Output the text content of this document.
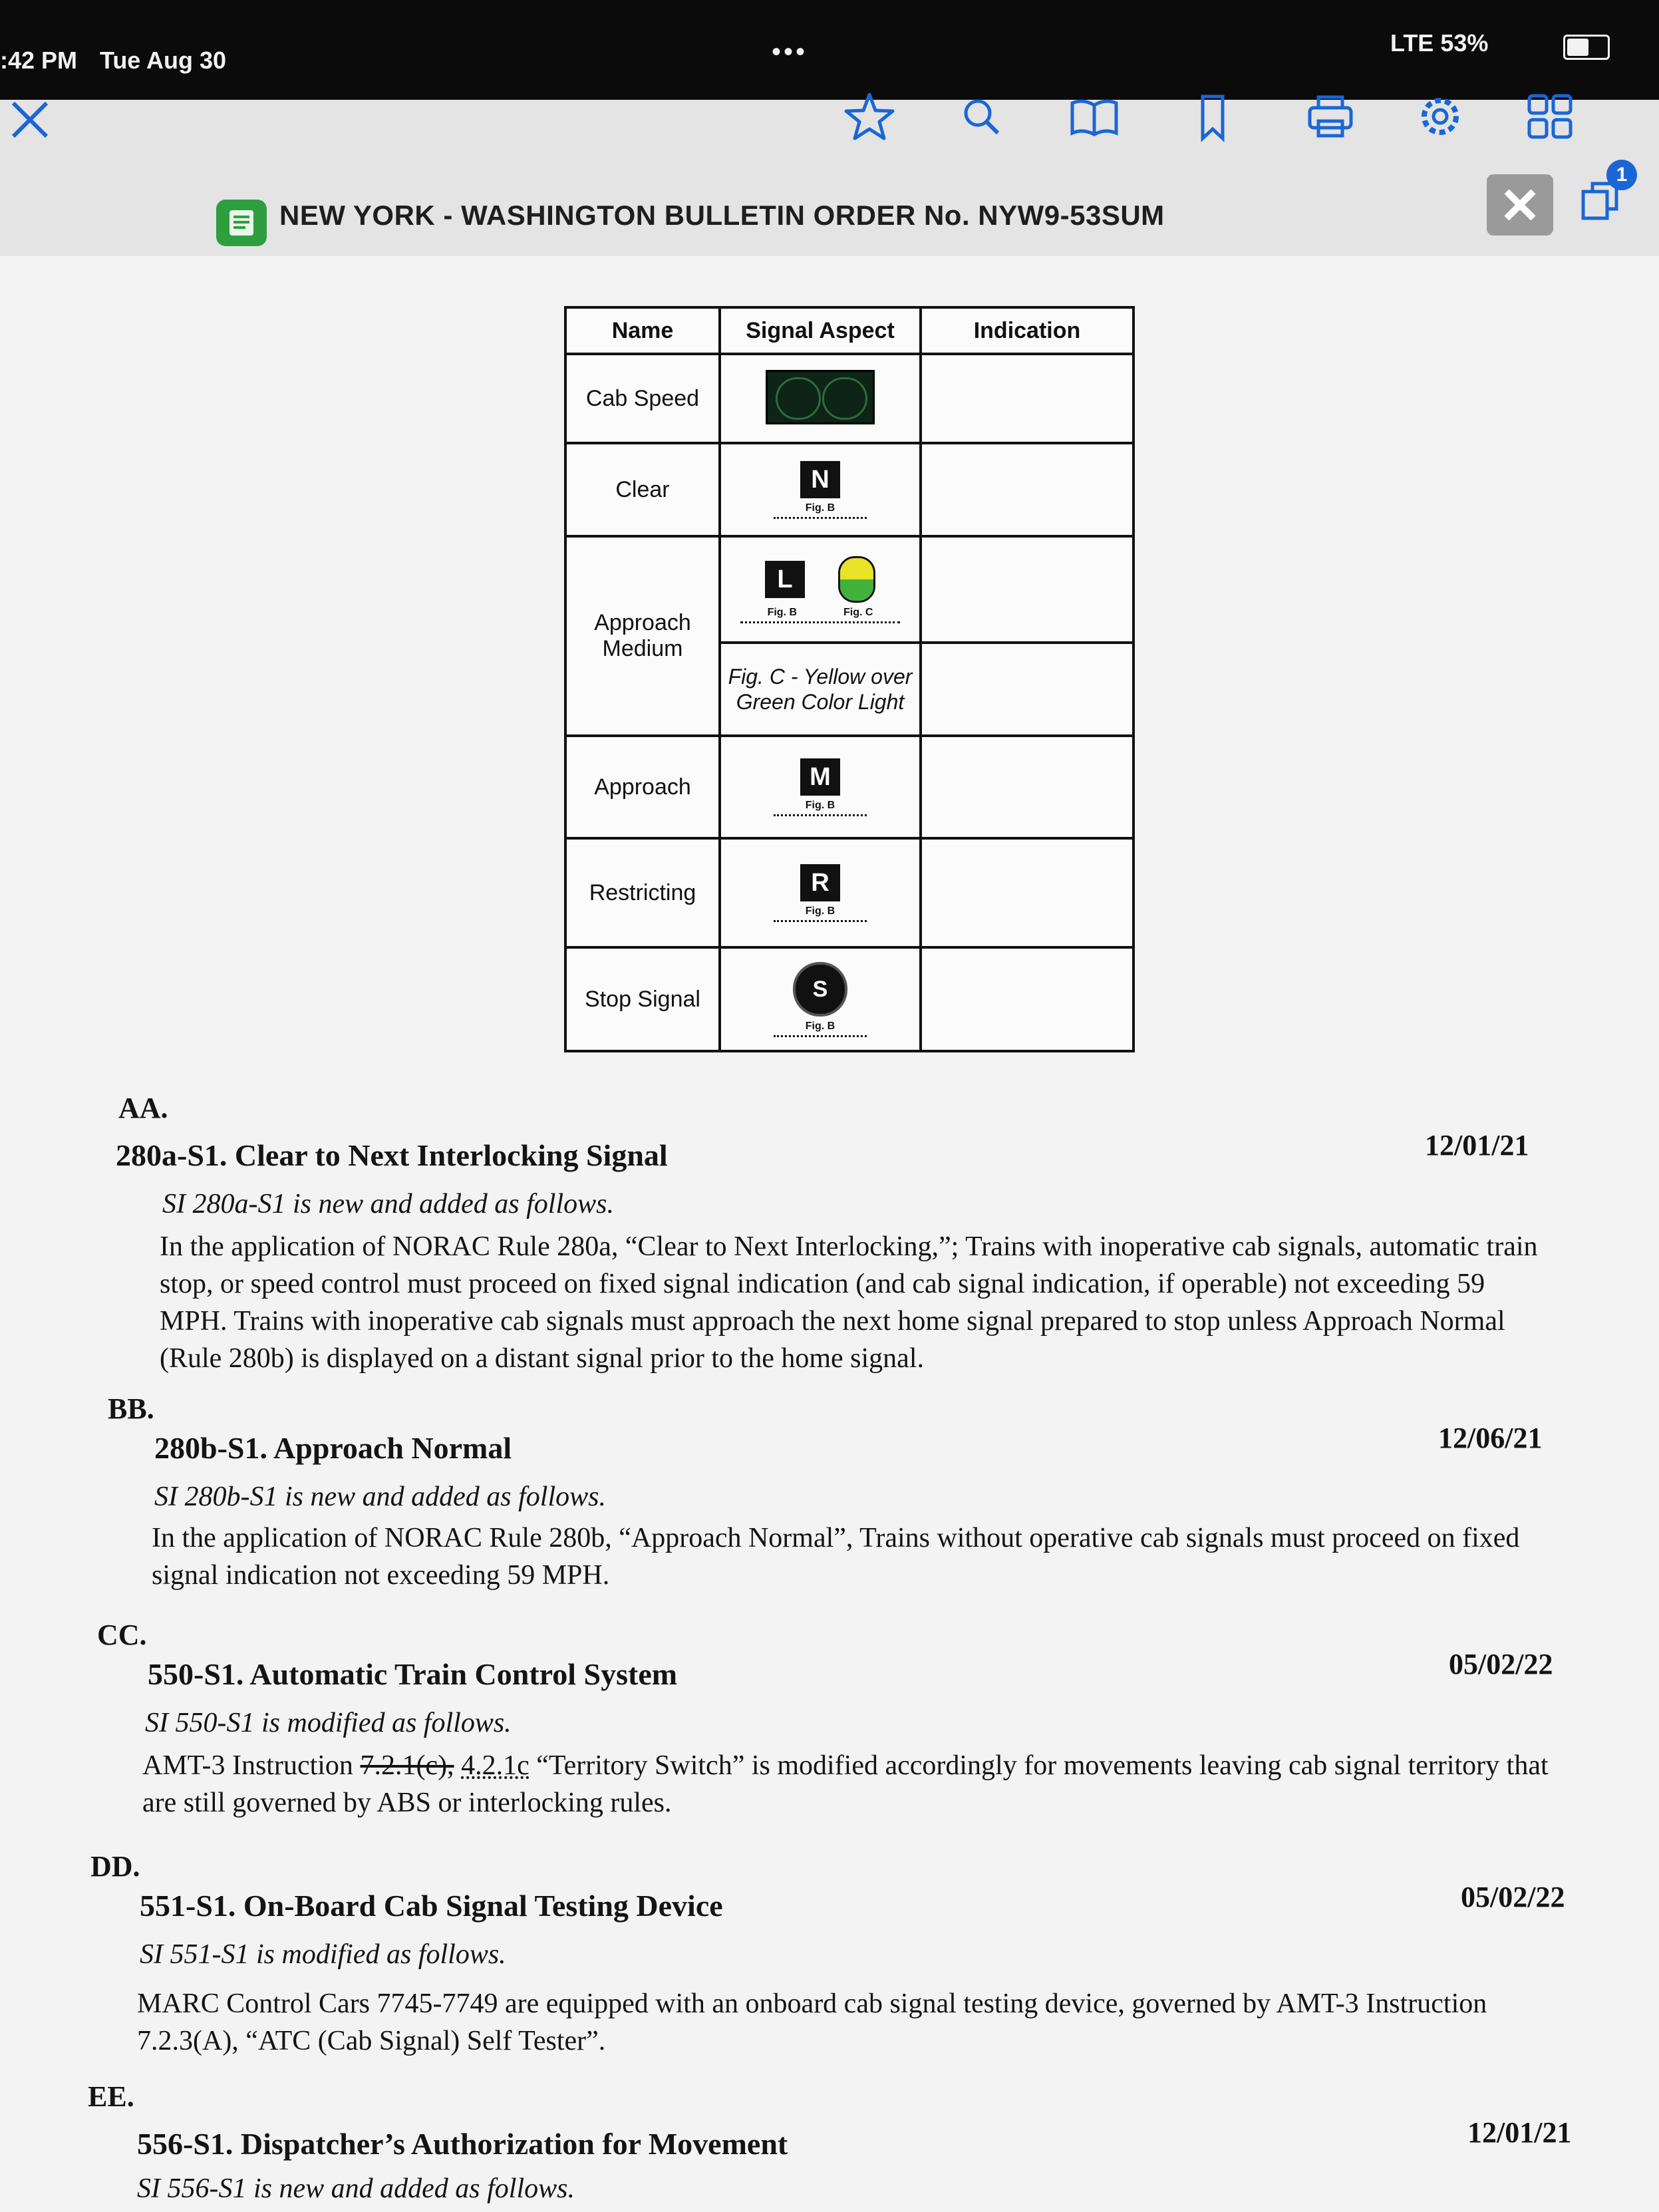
:42 PM Tue Aug 30	•••	LTE 53%
NEW YORK - WASHINGTON BULLETIN ORDER No. NYW9-53SUM
1
Name	Signal Aspect	Indication
Cab Speed	

Clear	N
Fig. B	

Approach Medium	L
Fig. B Fig. C	

	Fig. C - Yellow over Green Color Light	
Approach	M
Fig. B	

Restricting	R
Fig. B	

Stop Signal	S
Fig. B	

AA.
280a-S1. Clear to Next Interlocking Signal	12/01/21
SI 280a-S1 is new and added as follows.
In the application of NORAC Rule 280a, “Clear to Next Interlocking,”; Trains with inoperative cab signals, automatic train stop, or speed control must proceed on fixed signal indication (and cab signal indication, if operable) not exceeding 59 MPH. Trains with inoperative cab signals must approach the next home signal prepared to stop unless Approach Normal (Rule 280b) is displayed on a distant signal prior to the home signal.
BB.
280b-S1. Approach Normal	12/06/21
SI 280b-S1 is new and added as follows.
In the application of NORAC Rule 280b, “Approach Normal”, Trains without operative cab signals must proceed on fixed signal indication not exceeding 59 MPH.
CC.
550-S1. Automatic Train Control System	05/02/22
SI 550-S1 is modified as follows.
AMT-3 Instruction 7.2.1(c), 4.2.1c “Territory Switch” is modified accordingly for movements leaving cab signal territory that are still governed by ABS or interlocking rules.
DD.
551-S1. On-Board Cab Signal Testing Device	05/02/22
SI 551-S1 is modified as follows.
MARC Control Cars 7745-7749 are equipped with an onboard cab signal testing device, governed by AMT-3 Instruction 7.2.3(A), “ATC (Cab Signal) Self Tester”.
EE.
556-S1. Dispatcher’s Authorization for Movement	12/01/21
SI 556-S1 is new and added as follows.
